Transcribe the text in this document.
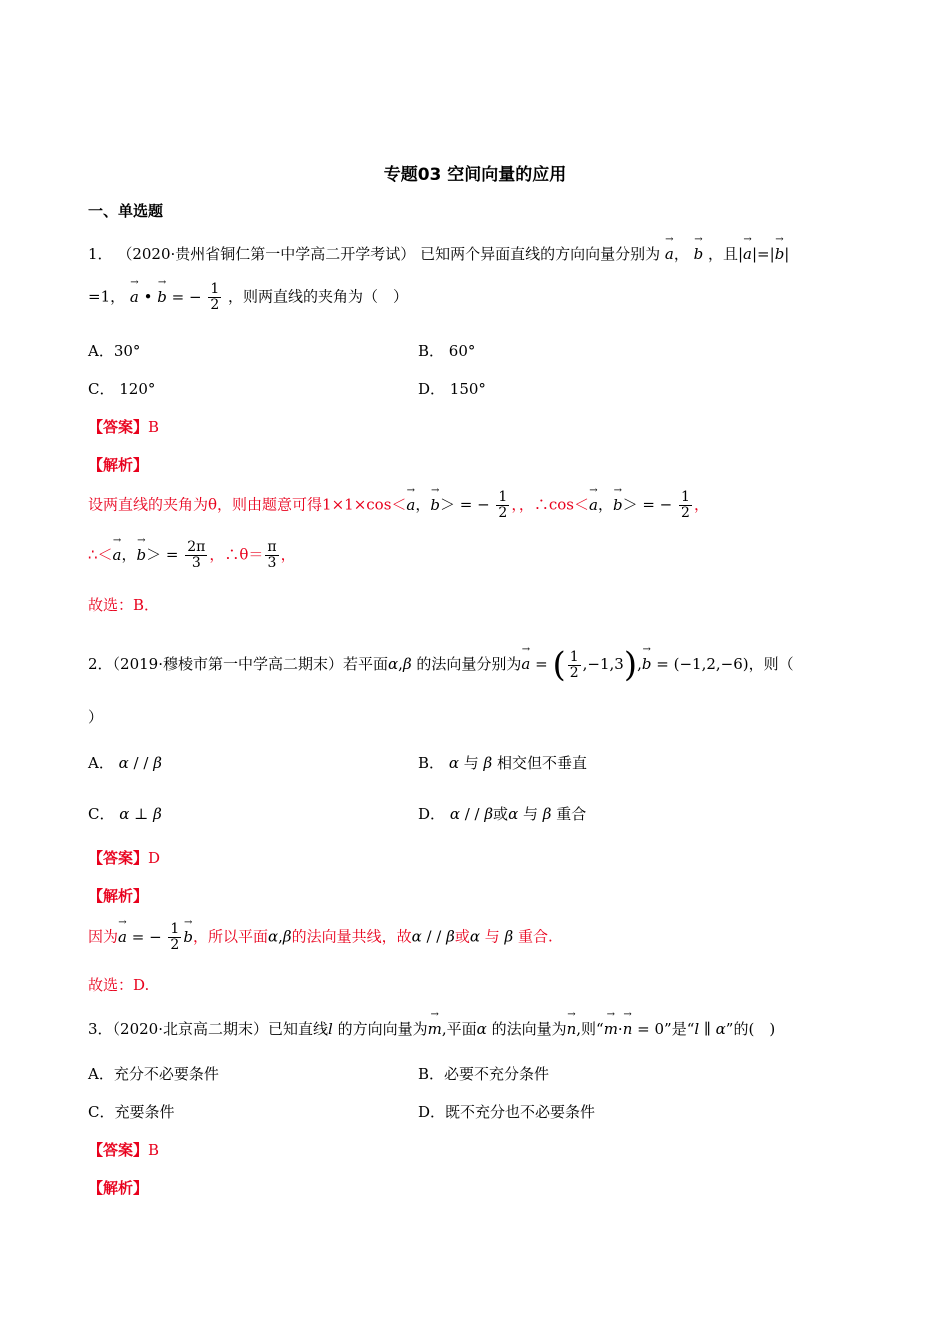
专题03 空间向量的应用
一、单选题
1． （2020·贵州省铜仁第一中学高二开学考试） 已知两个异面直线的方向向量分别为 → a， → b ，且|→ a|=|→ b|
=1， → a • → b = − $\frac{1}{2}$ ，则两直线的夹角为（　）
A．30°	B． 60°
C． 120°	D． 150°
【答案】B
【解析】
设两直线的夹角为θ，则由题意可得1×1×cos＜→ a，→ b＞ = − $\frac{1}{2}$ ，，∴cos＜→ a，→ b＞ = − $\frac{1}{2}$ ，
∴＜→ a，→ $b> = \frac{2\pi}{3}$ ，∴θ＝ $\frac{\pi}{3}$ ，
故选：B．
2．（2019·穆棱市第一中学高二期末）若平面α,β 的法向量分别为→ a = ( $\frac{1}{2} ,-1,3),\to b = (-1,2,-6)$，则（
）
A． α / / β	B． α 与 β 相交但不垂直
C． α ⊥ β	D． α / / β或α 与 β 重合
【答案】D
【解析】
因为→ a = − $\frac{1}{2}$
→ b，所以平面α,β的法向量共线，故α / / β或α 与 β 重合.
故选：D.
3．（2020·北京高二期末）已知直线l 的方向向量为→ m,平面α 的法向量为→ n,则“→ m·→ n = 0”是“l ∥ α”的(　)
A．充分不必要条件	B．必要不充分条件
C．充要条件	D．既不充分也不必要条件
【答案】B
【解析】
